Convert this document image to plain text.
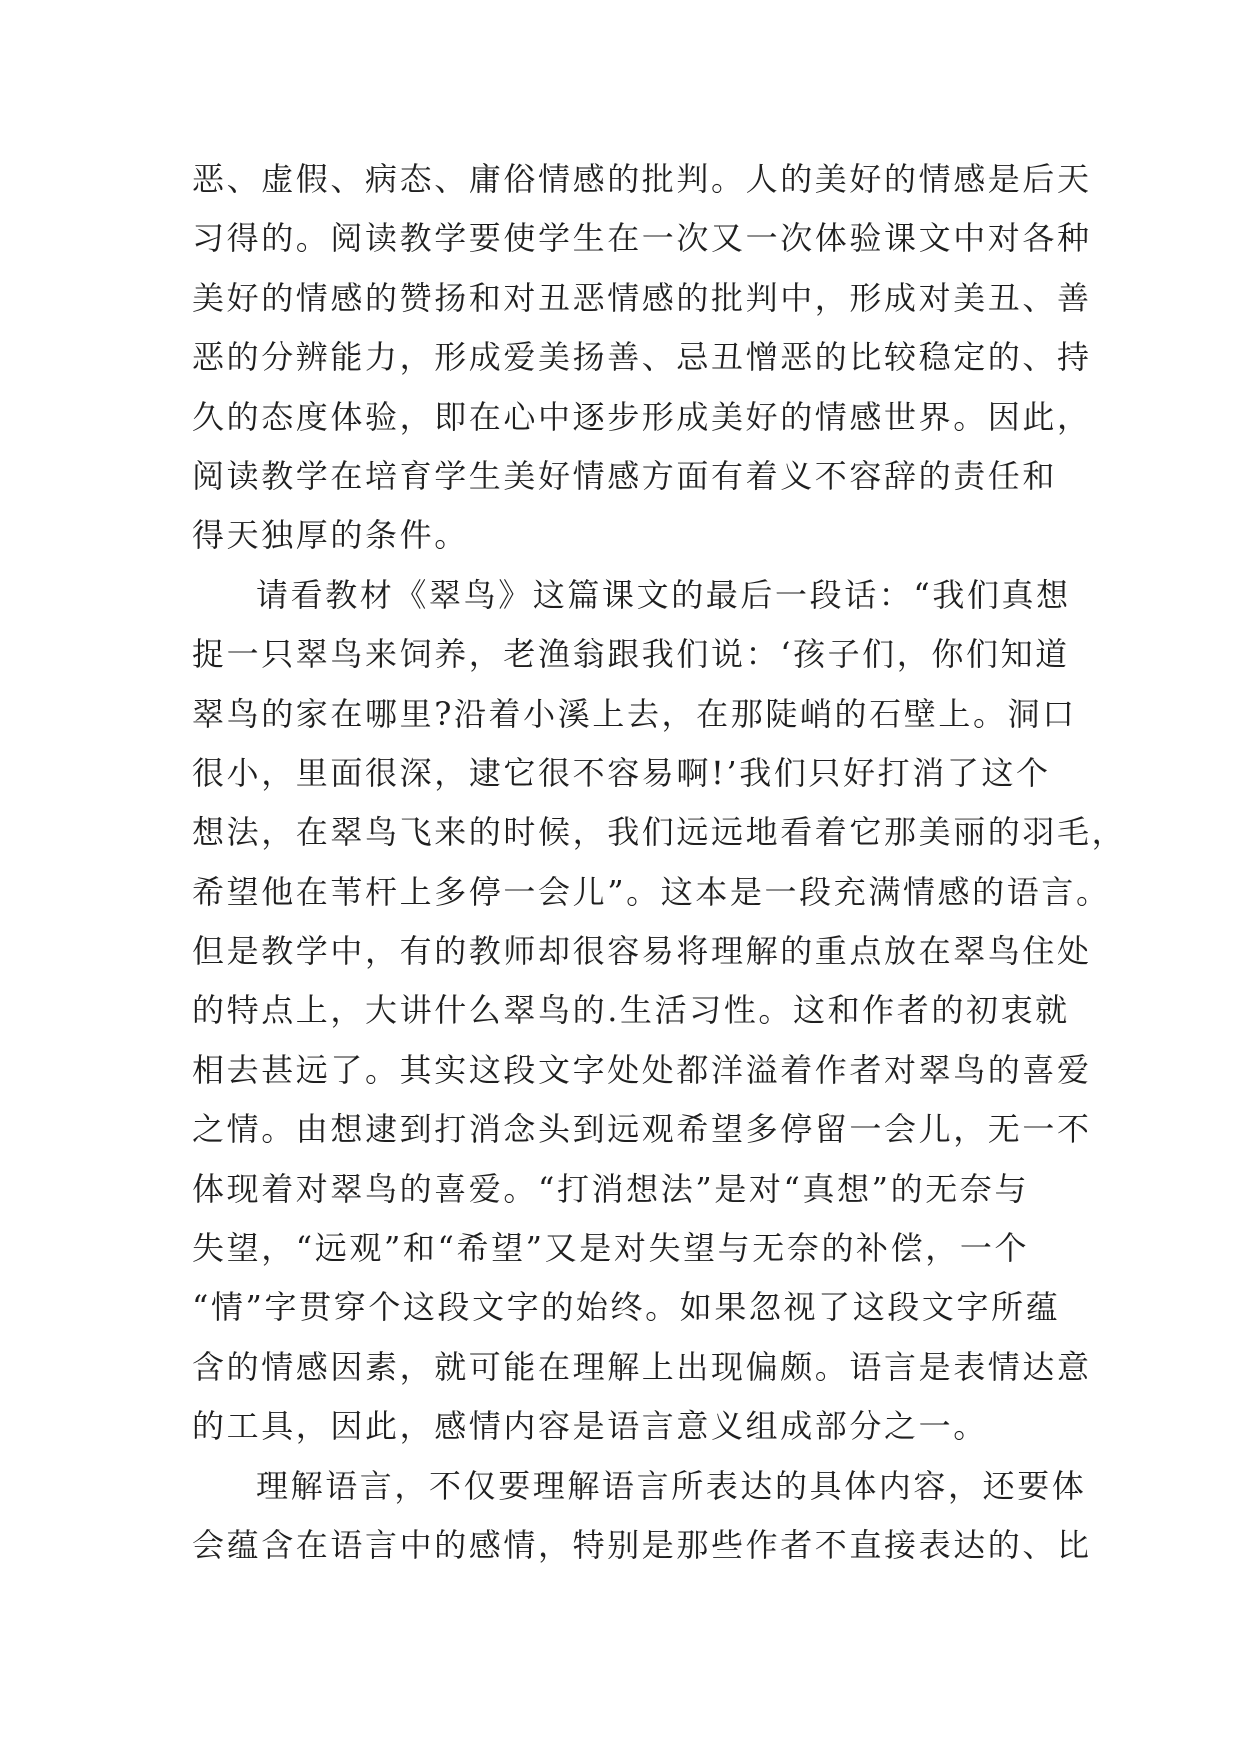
恶、虚假、病态、庸俗情感的批判。人的美好的情感是后天
习得的。阅读教学要使学生在一次又一次体验课文中对各种
美好的情感的赞扬和对丑恶情感的批判中，形成对美丑、善
恶的分辨能力，形成爱美扬善、忌丑憎恶的比较稳定的、持
久的态度体验，即在心中逐步形成美好的情感世界。因此，
阅读教学在培育学生美好情感方面有着义不容辞的责任和
得天独厚的条件。
请看教材《翠鸟》这篇课文的最后一段话：“我们真想
捉一只翠鸟来饲养，老渔翁跟我们说：‘孩子们，你们知道
翠鸟的家在哪里?沿着小溪上去，在那陡峭的石壁上。洞口
很小，里面很深，逮它很不容易啊!’我们只好打消了这个
想法，在翠鸟飞来的时候，我们远远地看着它那美丽的羽毛，
希望他在苇杆上多停一会儿”。这本是一段充满情感的语言。
但是教学中，有的教师却很容易将理解的重点放在翠鸟住处
的特点上，大讲什么翠鸟的.生活习性。这和作者的初衷就
相去甚远了。其实这段文字处处都洋溢着作者对翠鸟的喜爱
之情。由想逮到打消念头到远观希望多停留一会儿，无一不
体现着对翠鸟的喜爱。“打消想法”是对“真想”的无奈与
失望，“远观”和“希望”又是对失望与无奈的补偿，一个
“情”字贯穿个这段文字的始终。如果忽视了这段文字所蕴
含的情感因素，就可能在理解上出现偏颇。语言是表情达意
的工具，因此，感情内容是语言意义组成部分之一。
理解语言，不仅要理解语言所表达的具体内容，还要体
会蕴含在语言中的感情，特别是那些作者不直接表达的、比
